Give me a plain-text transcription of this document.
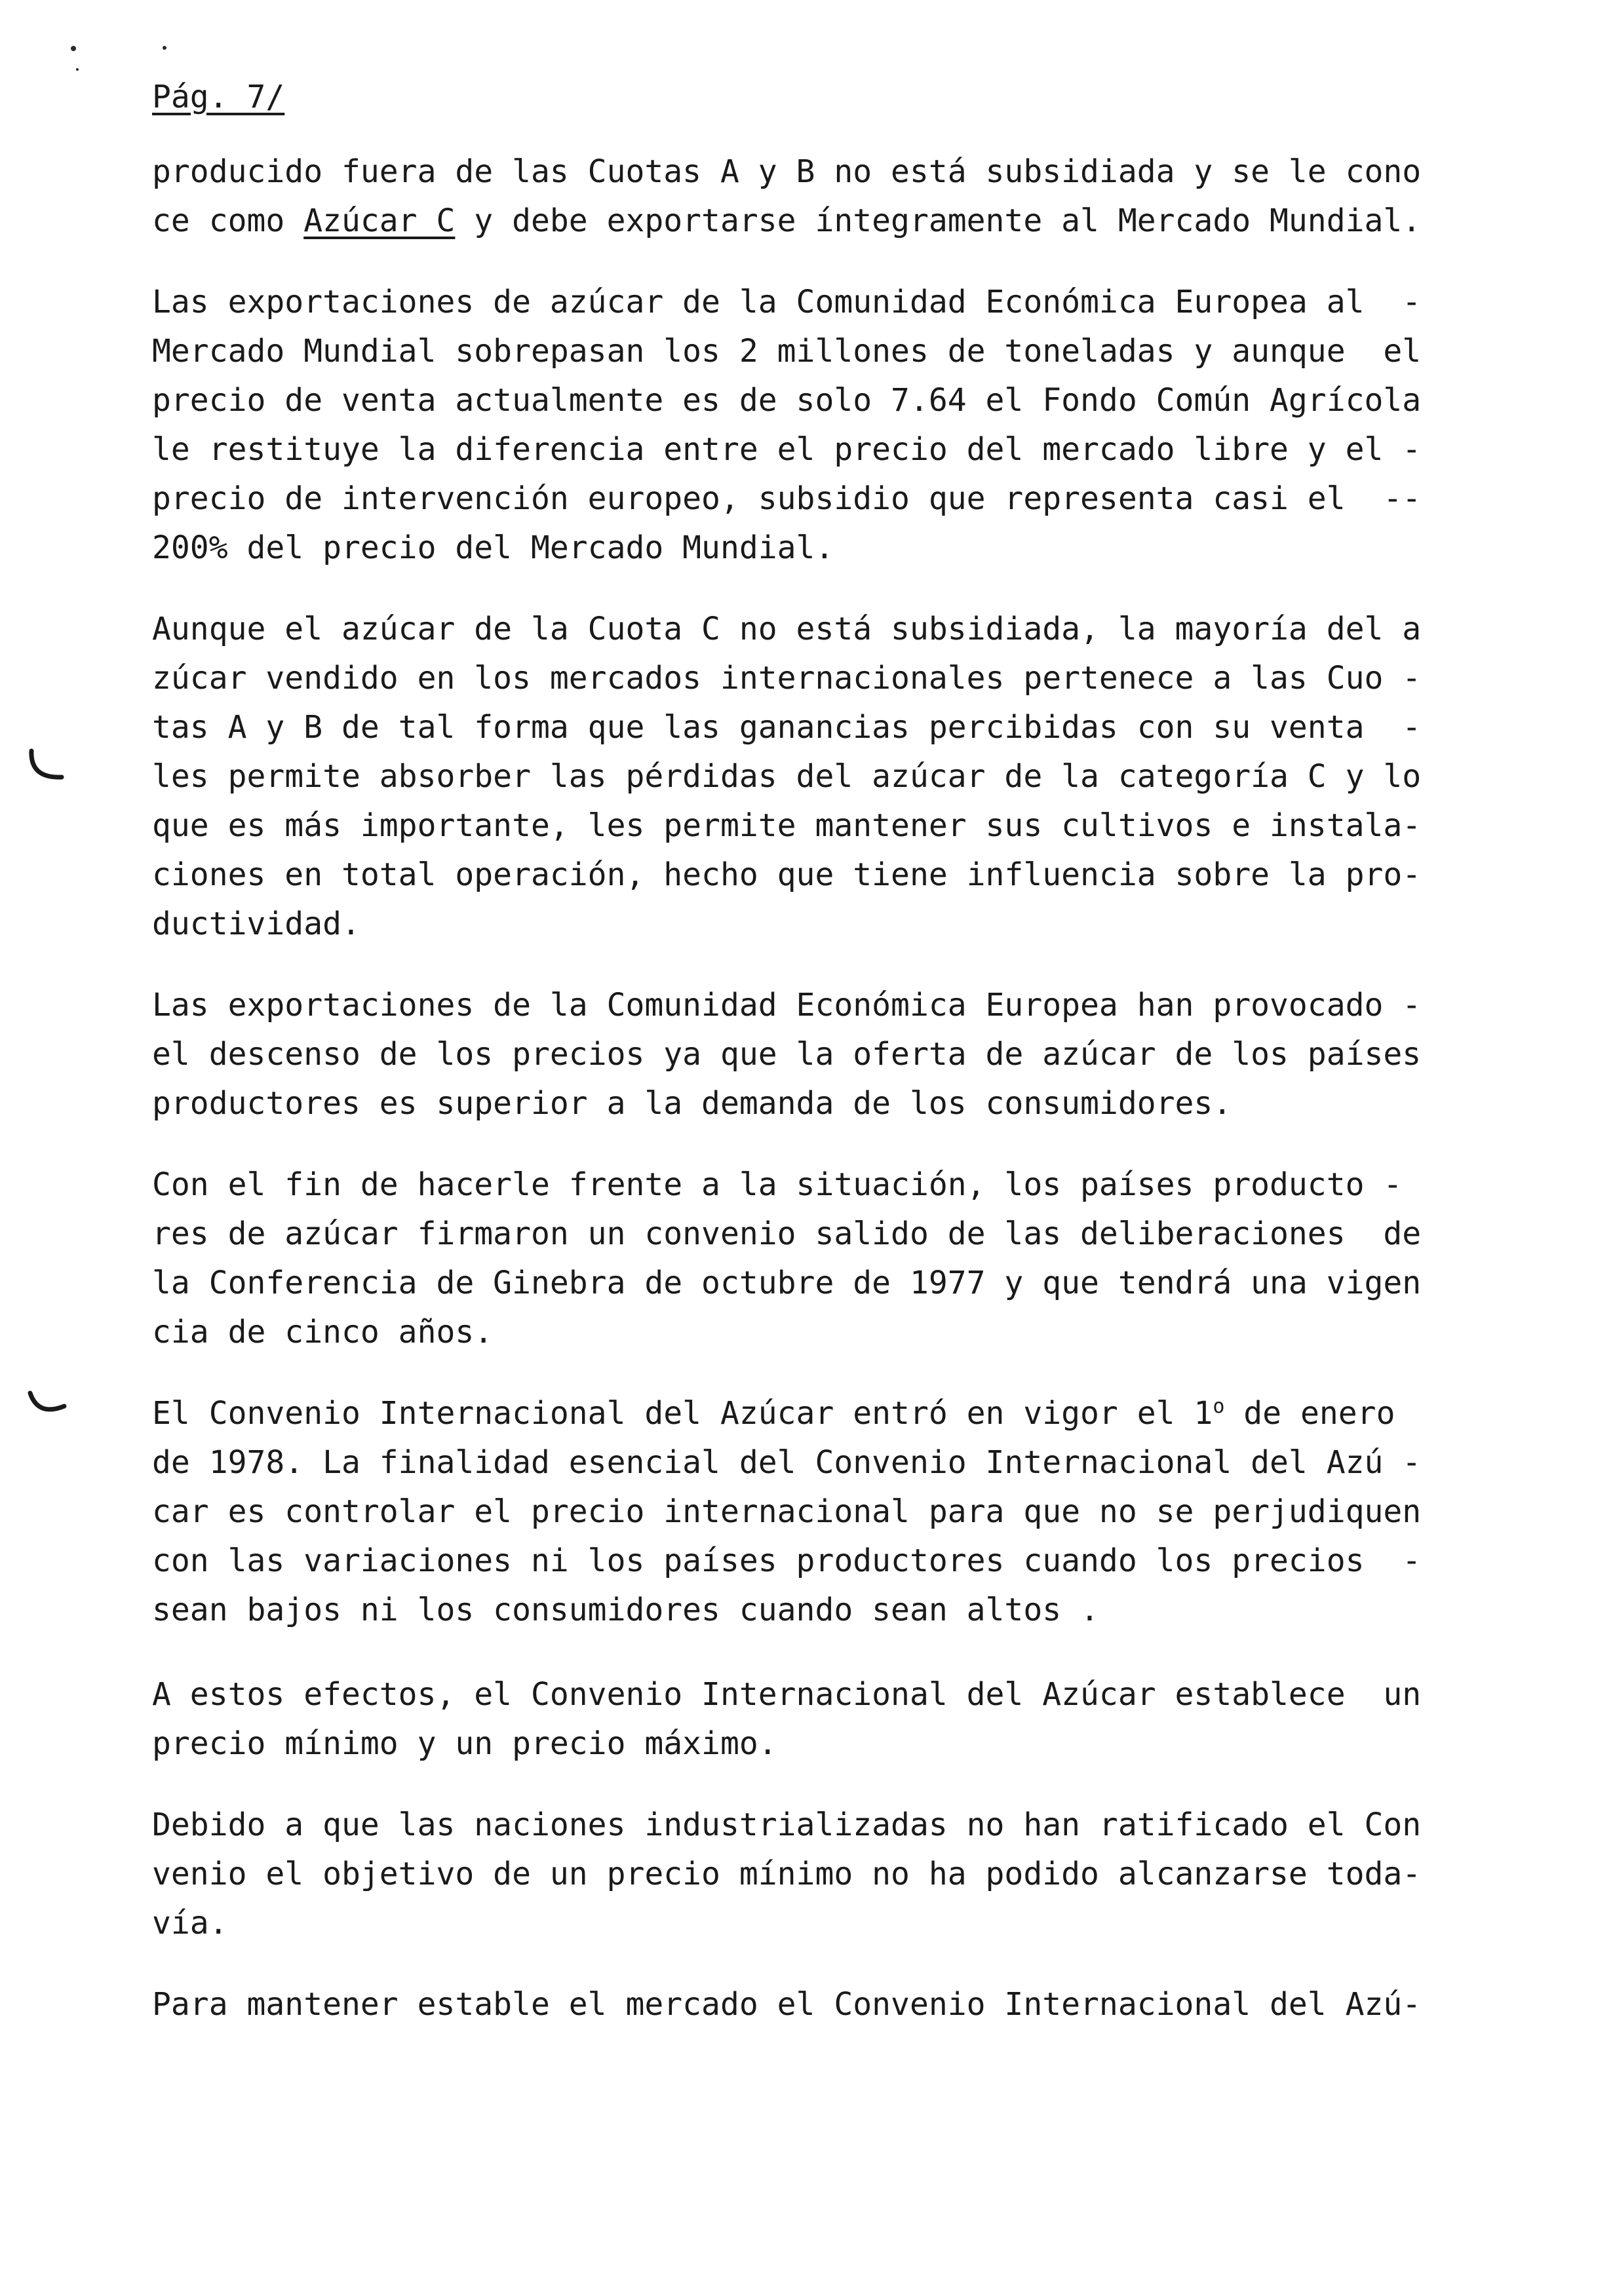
Pág. 7/

producido fuera de las Cuotas A y B no está subsidiada y se le cono

ce como Azúcar C y debe exportarse íntegramente al Mercado Mundial.

Las exportaciones de azúcar de la Comunidad Económica Europea al  -

Mercado Mundial sobrepasan los 2 millones de toneladas y aunque  el

precio de venta actualmente es de solo 7.64 el Fondo Común Agrícola

le restituye la diferencia entre el precio del mercado libre y el -

precio de intervención europeo, subsidio que representa casi el  --

200% del precio del Mercado Mundial.

Aunque el azúcar de la Cuota C no está subsidiada, la mayoría del a

zúcar vendido en los mercados internacionales pertenece a las Cuo -

tas A y B de tal forma que las ganancias percibidas con su venta  -

les permite absorber las pérdidas del azúcar de la categoría C y lo

que es más importante, les permite mantener sus cultivos e instala-

ciones en total operación, hecho que tiene influencia sobre la pro-

ductividad.

Las exportaciones de la Comunidad Económica Europea han provocado -

el descenso de los precios ya que la oferta de azúcar de los países

productores es superior a la demanda de los consumidores.

Con el fin de hacerle frente a la situación, los países producto -

res de azúcar firmaron un convenio salido de las deliberaciones  de

la Conferencia de Ginebra de octubre de 1977 y que tendrá una vigen

cia de cinco años.

El Convenio Internacional del Azúcar entró en vigor el 1$^o$ de enero

de 1978. La finalidad esencial del Convenio Internacional del Azú -

car es controlar el precio internacional para que no se perjudiquen

con las variaciones ni los países productores cuando los precios  -

sean bajos ni los consumidores cuando sean altos .

A estos efectos, el Convenio Internacional del Azúcar establece  un

precio mínimo y un precio máximo.

Debido a que las naciones industrializadas no han ratificado el Con

venio el objetivo de un precio mínimo no ha podido alcanzarse toda-

vía.

Para mantener estable el mercado el Convenio Internacional del Azú-
